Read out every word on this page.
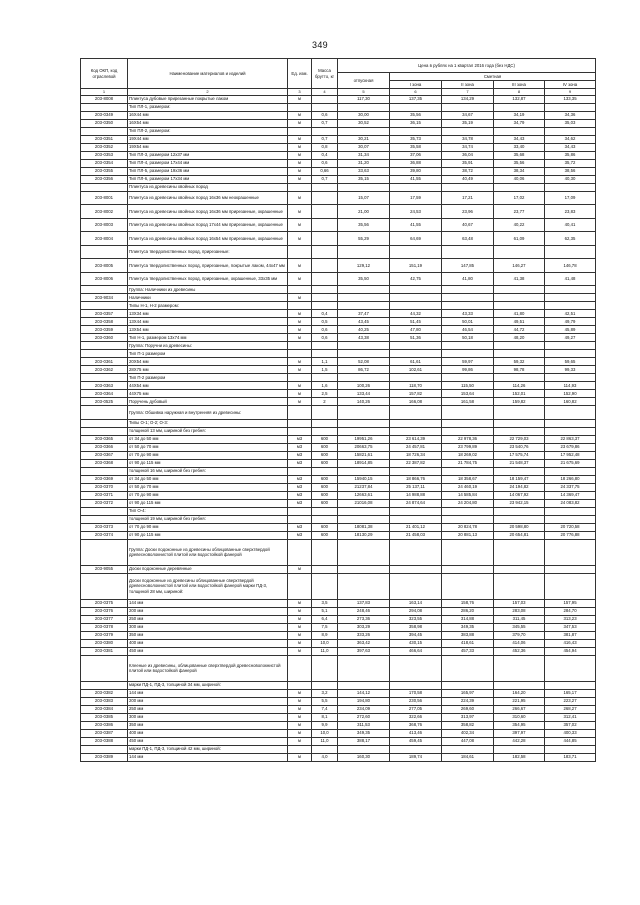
349
Код ОКП, код отраслевой	Наименование материалов и изделий	Ед. изм.	Масса брутто, кг	Цена в рублях на 1 квартал 2016 года (без НДС)				
				отпускная	Сметная			
					I зона	II зона	III зона	IV зона
1	2	3	4	5	6	7	8	9
203-8008	Плинтуса дубовые прирезанные покрытые лаком	м		117,30	137,35	134,29	132,87	133,35
	Тип ПЛ-1, размером:							
203-0349	16Х44 мм	м	0,6	30,00	35,56	34,67	34,19	34,36
203-0350	16Х54 мм	м	0,7	30,52	36,15	35,19	34,79	35,03
	Тип ПЛ-2, размером:							
203-0351	19Х44 мм	м	0,7	30,21	35,73	34,78	34,43	34,62
203-0352	19Х54 мм	м	0,8	30,07	35,58	34,74	33,40	34,43
203-0353	Тип ПЛ-3, размером 12х37 мм	м	0,4	31,34	37,06	36,04	35,68	35,86
203-0354	Тип ПЛ-4, размером 17х44 мм	м	0,6	31,20	36,88	35,91	35,56	35,72
203-0355	Тип ПЛ-5, размером 19х36 мм	м	0,66	33,63	39,80	38,72	38,34	38,56
203-0356	Тип ПЛ-6, размером 17х34 мм	м	0,7	35,15	41,55	40,49	40,06	40,30
	Плинтуса из древесины хвойных пород							
203-8001	Плинтуса из древесины хвойных пород 16х36 мм неокрашенные	м		15,07	17,59	17,21	17,02	17,09
203-8002	Плинтуса из древесины хвойных пород 16х36 мм прирезанные, окрашенные	м		21,00	24,53	23,96	23,77	23,83
203-8003	Плинтуса из древесины хвойных пород 17х44 мм прирезанные, окрашенные	м		35,56	41,55	40,67	40,22	40,41
203-8004	Плинтуса из древесины хвойных пород 16х54 мм прирезанные, окрашенные	м		55,29	64,69	63,48	61,09	62,35
	Плинтуса твердолиственных пород, прирезанные:							
203-8005	Плинтуса твердолиственных пород, прирезанные, покрытые лаком, 44х47 мм	м		129,12	151,19	147,85	146,27	146,78
203-8006	Плинтуса твердолиственных пород, прирезанные, окрашенные, 33х35 мм	м		35,50	42,75	41,80	41,38	41,48
	Группа: Наличники из древесины							
203-9034	Наличники	м						
	Типы Н-1, Н-2 размером:							
203-0357	13Х34 мм	м	0,4	37,47	44,32	43,33	41,80	42,51
203-0358	13Х44 мм	м	0,5	43,45	51,45	50,01	49,51	49,79
203-0359	13Х54 мм	м	0,6	40,25	47,80	46,54	44,72	45,89
203-0360	Тип Н-1, размером 13х74 мм	м	0,6	43,38	51,36	50,18	48,20	49,27
	Группа: Поручни из древесины:							
	Тип П-1 размером							
203-0361	20Х54 мм	м	1,1	52,08	61,61	59,97	59,32	59,65
203-0362	28Х75 мм	м	1,5	86,72	102,61	99,86	98,78	99,33
	Тип П-2 размером							
203-0363	44Х54 мм	м	1,6	100,26	118,70	115,50	114,26	114,93
203-0364	44Х75 мм	м	2,5	133,44	157,82	153,64	152,01	152,90
203-0525	Поручень дубовый	м	2	140,26	166,08	161,58	159,82	160,82
	Группа: Обшивка наружная и внутренняя из древесины:							
	Типы О-1; О-2; О-3:							
	толщиной 13 мм, шириной без гребня:							
203-0365	от 34 до 50 мм	м3	600	19951,26	23 614,39	22 978,36	22 729,03	22 863,37
203-0366	от 50 до 70 мм	м3	600	20663,75	24 457,81	23 799,89	23 540,76	23 679,86
203-0367	от 70 до 90 мм	м3	600	15821,61	18 726,34	18 269,02	17 575,74	17 952,48
203-0368	от 90 до 115 мм	м3	600	18914,85	22 387,82	21 784,75	21 548,37	21 675,69
	толщиной 16 мм, шириной без гребня:							
203-0369	от 34 до 50 мм	м3	600	15940,15	18 866,76	18 358,67	18 159,47	18 266,80
203-0370	от 50 до 70 мм	м3	600	21237,84	25 137,11	24 460,19	24 194,82	24 337,75
203-0371	от 70 до 90 мм	м3	600	12663,61	14 988,88	14 585,84	14 067,92	14 369,47
203-0372	от 90 до 115 мм	м3	600	21016,08	24 874,64	24 204,80	23 942,15	24 083,82
	Тип О-4:							
	толщиной 19 мм, шириной без гребня:							
203-0373	от 70 до 90 мм	м3	600	18081,38	21 401,12	20 824,78	20 598,80	20 720,58
203-0374	от 90 до 115 мм	м3	600	18130,29	21 458,03	20 881,13	20 654,81	20 776,88
	Группа: Доски подоконные из древесины облицованные сверхтвердой древесноволокнистой плитой или водостойкой фанерой							
203-9055	Доски подоконные деревянные	м						
	Доски подоконные из древесины облицованные сверхтвердой древесноволокнистой плитой или водостойкой фанерой марки ПД-3, толщиной 28 мм, шириной:							
203-0375	144 мм	м	3,5	137,83	163,14	158,76	157,03	157,95
203-0376	200 мм	м	5,1	248,46	294,08	286,20	283,08	284,70
203-0377	250 мм	м	6,4	273,36	323,55	314,88	311,45	313,23
203-0378	300 мм	м	7,5	303,29	358,98	349,35	345,55	347,53
203-0379	350 мм	м	8,9	333,26	394,45	383,88	379,70	381,87
203-0380	400 мм	м	10,0	363,42	430,15	418,61	414,06	416,43
203-0381	450 мм	м	11,0	397,63	466,64	457,33	452,36	454,94
	Клееные из древесины, облицованные сверхтвердой древесноволокнистой плитой или водостойкой фанерой							
	марки ПД-1, ПД-3, толщиной 34 мм, шириной:							
203-0382	144 мм	м	3,2	144,12	170,58	165,97	164,20	165,17
203-0383	200 мм	м	5,5	194,80	230,56	224,39	221,95	223,27
203-0384	250 мм	м	7,4	234,09	277,05	269,60	266,67	268,27
203-0385	300 мм	м	8,1	272,60	322,66	313,97	310,60	312,41
203-0386	350 мм	м	9,9	311,53	368,76	358,82	354,95	357,02
203-0387	400 мм	м	10,0	349,35	413,46	402,34	397,97	400,33
203-0388	450 мм	м	11,0	388,17	459,45	447,08	442,28	444,85
	марки ПД-1, ПД-3, толщиной 42 мм, шириной:							
203-0389	144 мм	м	4,0	160,30	189,74	184,61	182,58	183,71
